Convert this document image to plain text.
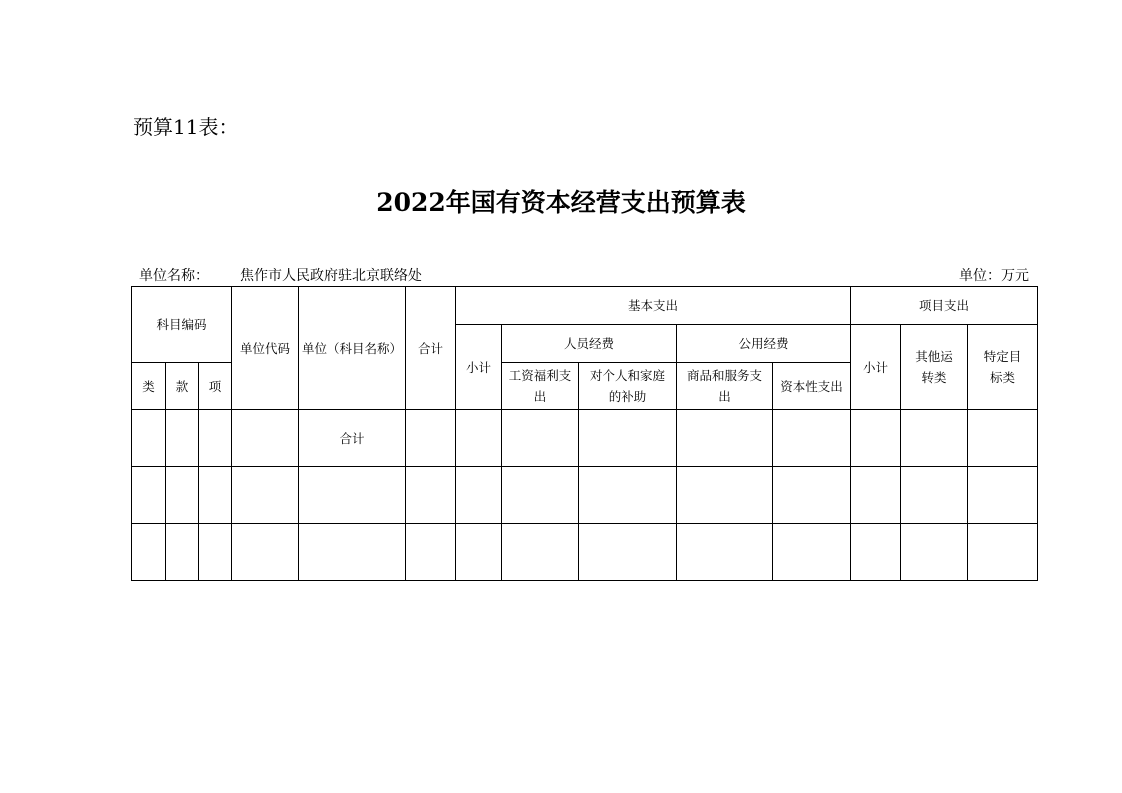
预算11表：
2022年国有资本经营支出预算表
单位名称： 焦作市人民政府驻北京联络处	单位：万元
科目编码			单位代码	单位（科目名称）	合计	基本支出					项目支出		
						小计	人员经费		公用经费		小计	其他运转类	特定目标类
类	款	项					工资福利支出	对个人和家庭的补助	商品和服务支出	资本性支出			
				合计									
